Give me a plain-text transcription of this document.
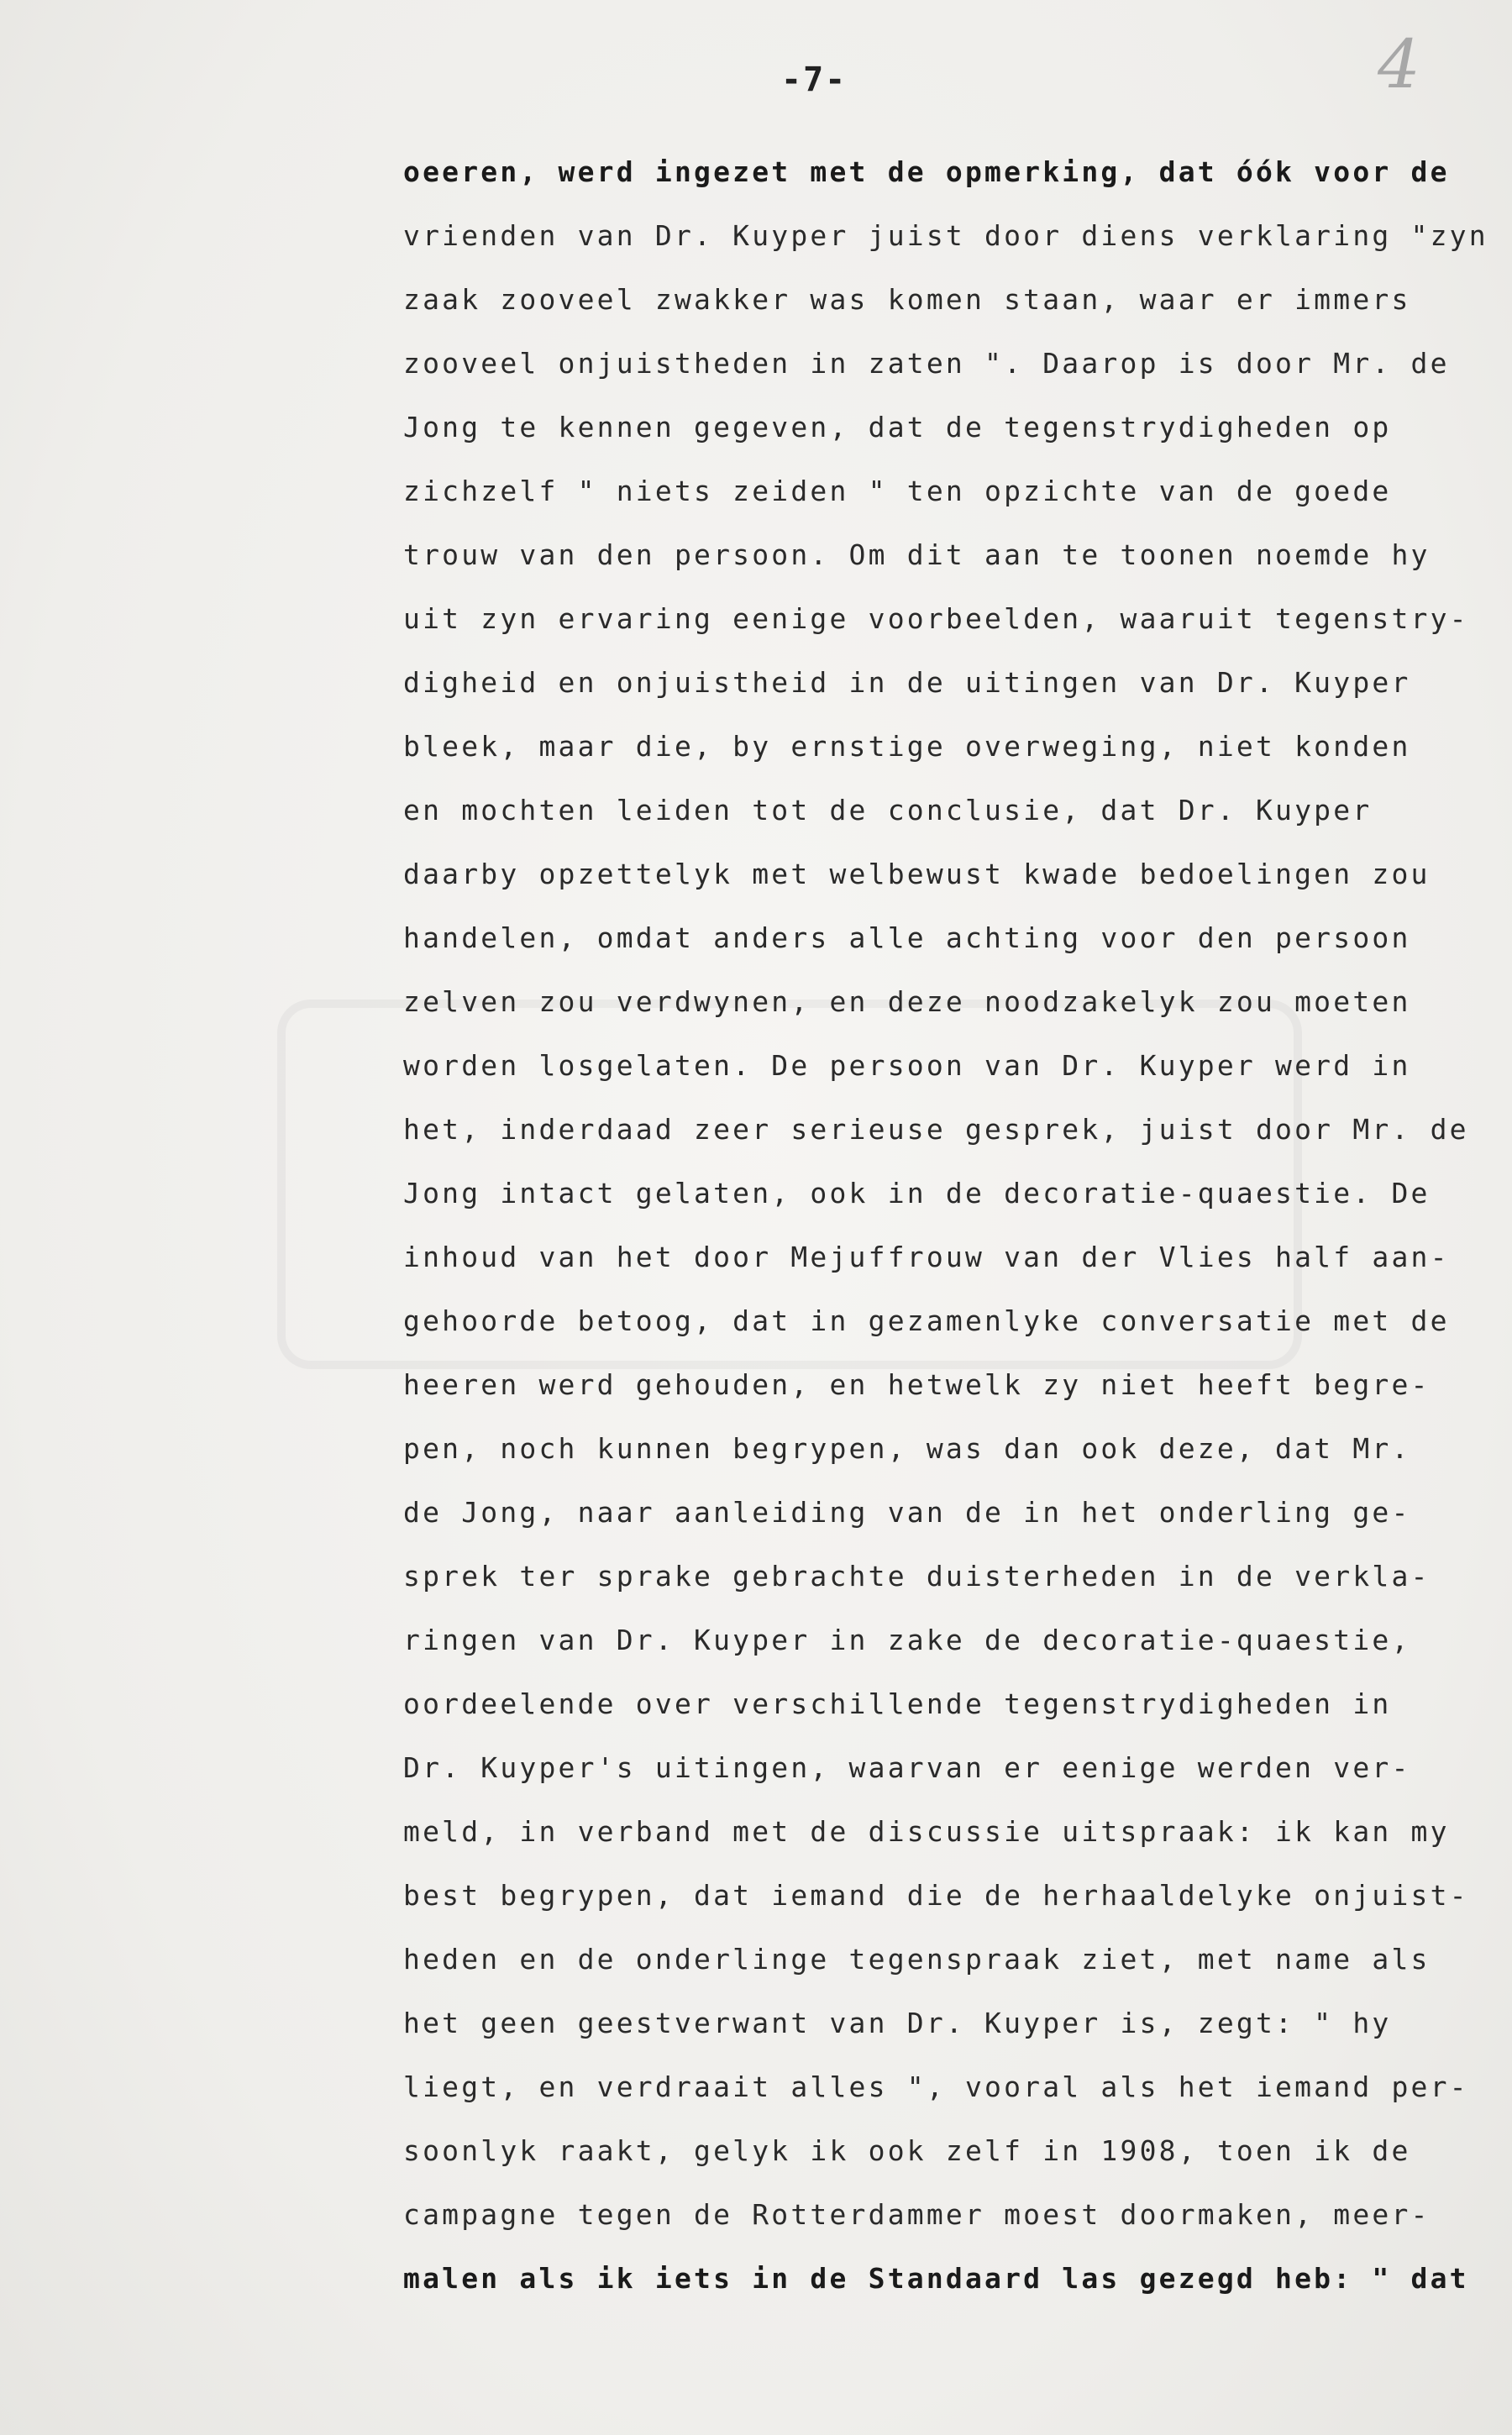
-7-	4
oeeren, werd ingezet met de opmerking, dat óók voor de
vrienden van Dr. Kuyper juist door diens verklaring "zyn
zaak zooveel zwakker was komen staan, waar er immers
zooveel onjuistheden in zaten ". Daarop is door Mr. de
Jong te kennen gegeven, dat de tegenstrydigheden op
zichzelf " niets zeiden " ten opzichte van de goede
trouw van den persoon. Om dit aan te toonen noemde hy
uit zyn ervaring eenige voorbeelden, waaruit tegenstry-
digheid en onjuistheid in de uitingen van Dr. Kuyper
bleek, maar die, by ernstige overweging, niet konden
en mochten leiden tot de conclusie, dat Dr. Kuyper
daarby opzettelyk met welbewust kwade bedoelingen zou
handelen, omdat anders alle achting voor den persoon
zelven zou verdwynen, en deze noodzakelyk zou moeten
worden losgelaten. De persoon van Dr. Kuyper werd in
het, inderdaad zeer serieuse gesprek, juist door Mr. de
Jong intact gelaten, ook in de decoratie-quaestie. De
inhoud van het door Mejuffrouw van der Vlies half aan-
gehoorde betoog, dat in gezamenlyke conversatie met de
heeren werd gehouden, en hetwelk zy niet heeft begre-
pen, noch kunnen begrypen, was dan ook deze, dat Mr.
de Jong, naar aanleiding van de in het onderling ge-
sprek ter sprake gebrachte duisterheden in de verkla-
ringen van Dr. Kuyper in zake de decoratie-quaestie,
oordeelende over verschillende tegenstrydigheden in
Dr. Kuyper's uitingen, waarvan er eenige werden ver-
meld, in verband met de discussie uitspraak: ik kan my
best begrypen, dat iemand die de herhaaldelyke onjuist-
heden en de onderlinge tegenspraak ziet, met name als
het geen geestverwant van Dr. Kuyper is, zegt: " hy
liegt, en verdraait alles ", vooral als het iemand per-
soonlyk raakt, gelyk ik ook zelf in 1908, toen ik de
campagne tegen de Rotterdammer moest doormaken, meer-
malen als ik iets in de Standaard las gezegd heb: " dat
